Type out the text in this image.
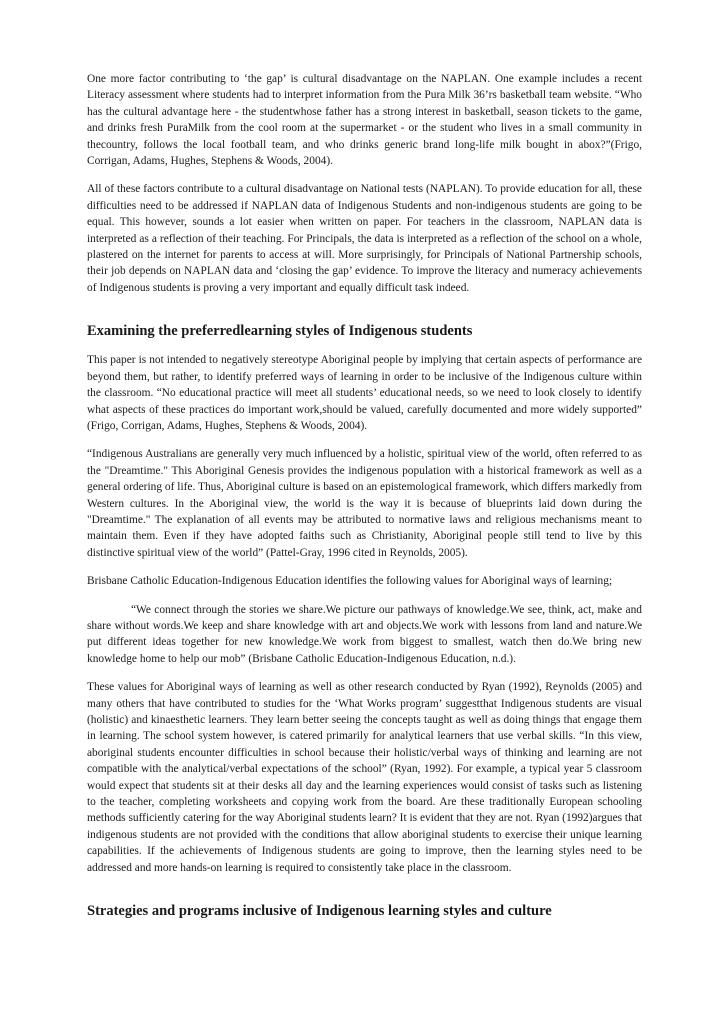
One more factor contributing to ‘the gap’ is cultural disadvantage on the NAPLAN. One example includes a recent Literacy assessment where students had to interpret information from the Pura Milk 36’rs basketball team website. “Who has the cultural advantage here - the studentwhose father has a strong interest in basketball, season tickets to the game, and drinks fresh PuraMilk from the cool room at the supermarket - or the student who lives in a small community in thecountry, follows the local football team, and who drinks generic brand long-life milk bought in abox?”(Frigo, Corrigan, Adams, Hughes, Stephens & Woods, 2004).

All of these factors contribute to a cultural disadvantage on National tests (NAPLAN). To provide education for all, these difficulties need to be addressed if NAPLAN data of Indigenous Students and non-indigenous students are going to be equal. This however, sounds a lot easier when written on paper. For teachers in the classroom, NAPLAN data is interpreted as a reflection of their teaching. For Principals, the data is interpreted as a reflection of the school on a whole, plastered on the internet for parents to access at will. More surprisingly, for Principals of National Partnership schools, their job depends on NAPLAN data and ‘closing the gap’ evidence. To improve the literacy and numeracy achievements of Indigenous students is proving a very important and equally difficult task indeed.

Examining the preferredlearning styles of Indigenous students

This paper is not intended to negatively stereotype Aboriginal people by implying that certain aspects of performance are beyond them, but rather, to identify preferred ways of learning in order to be inclusive of the Indigenous culture within the classroom. “No educational practice will meet all students’ educational needs, so we need to look closely to identify what aspects of these practices do important work,should be valued, carefully documented and more widely supported” (Frigo, Corrigan, Adams, Hughes, Stephens & Woods, 2004).

“Indigenous Australians are generally very much influenced by a holistic, spiritual view of the world, often referred to as the "Dreamtime." This Aboriginal Genesis provides the indigenous population with a historical framework as well as a general ordering of life. Thus, Aboriginal culture is based on an epistemological framework, which differs markedly from Western cultures. In the Aboriginal view, the world is the way it is because of blueprints laid down during the "Dreamtime." The explanation of all events may be attributed to normative laws and religious mechanisms meant to maintain them. Even if they have adopted faiths such as Christianity, Aboriginal people still tend to live by this distinctive spiritual view of the world” (Pattel-Gray, 1996 cited in Reynolds, 2005).

Brisbane Catholic Education-Indigenous Education identifies the following values for Aboriginal ways of learning;

“We connect through the stories we share.We picture our pathways of knowledge.We see, think, act, make and share without words.We keep and share knowledge with art and objects.We work with lessons from land and nature.We put different ideas together for new knowledge.We work from biggest to smallest, watch then do.We bring new knowledge home to help our mob” (Brisbane Catholic Education-Indigenous Education, n.d.).

These values for Aboriginal ways of learning as well as other research conducted by Ryan (1992), Reynolds (2005) and many others that have contributed to studies for the ‘What Works program’ suggestthat Indigenous students are visual (holistic) and kinaesthetic learners. They learn better seeing the concepts taught as well as doing things that engage them in learning. The school system however, is catered primarily for analytical learners that use verbal skills. “In this view, aboriginal students encounter difficulties in school because their holistic/verbal ways of thinking and learning are not compatible with the analytical/verbal expectations of the school” (Ryan, 1992). For example, a typical year 5 classroom would expect that students sit at their desks all day and the learning experiences would consist of tasks such as listening to the teacher, completing worksheets and copying work from the board. Are these traditionally European schooling methods sufficiently catering for the way Aboriginal students learn? It is evident that they are not. Ryan (1992)argues that indigenous students are not provided with the conditions that allow aboriginal students to exercise their unique learning capabilities. If the achievements of Indigenous students are going to improve, then the learning styles need to be addressed and more hands-on learning is required to consistently take place in the classroom.

Strategies and programs inclusive of Indigenous learning styles and culture
